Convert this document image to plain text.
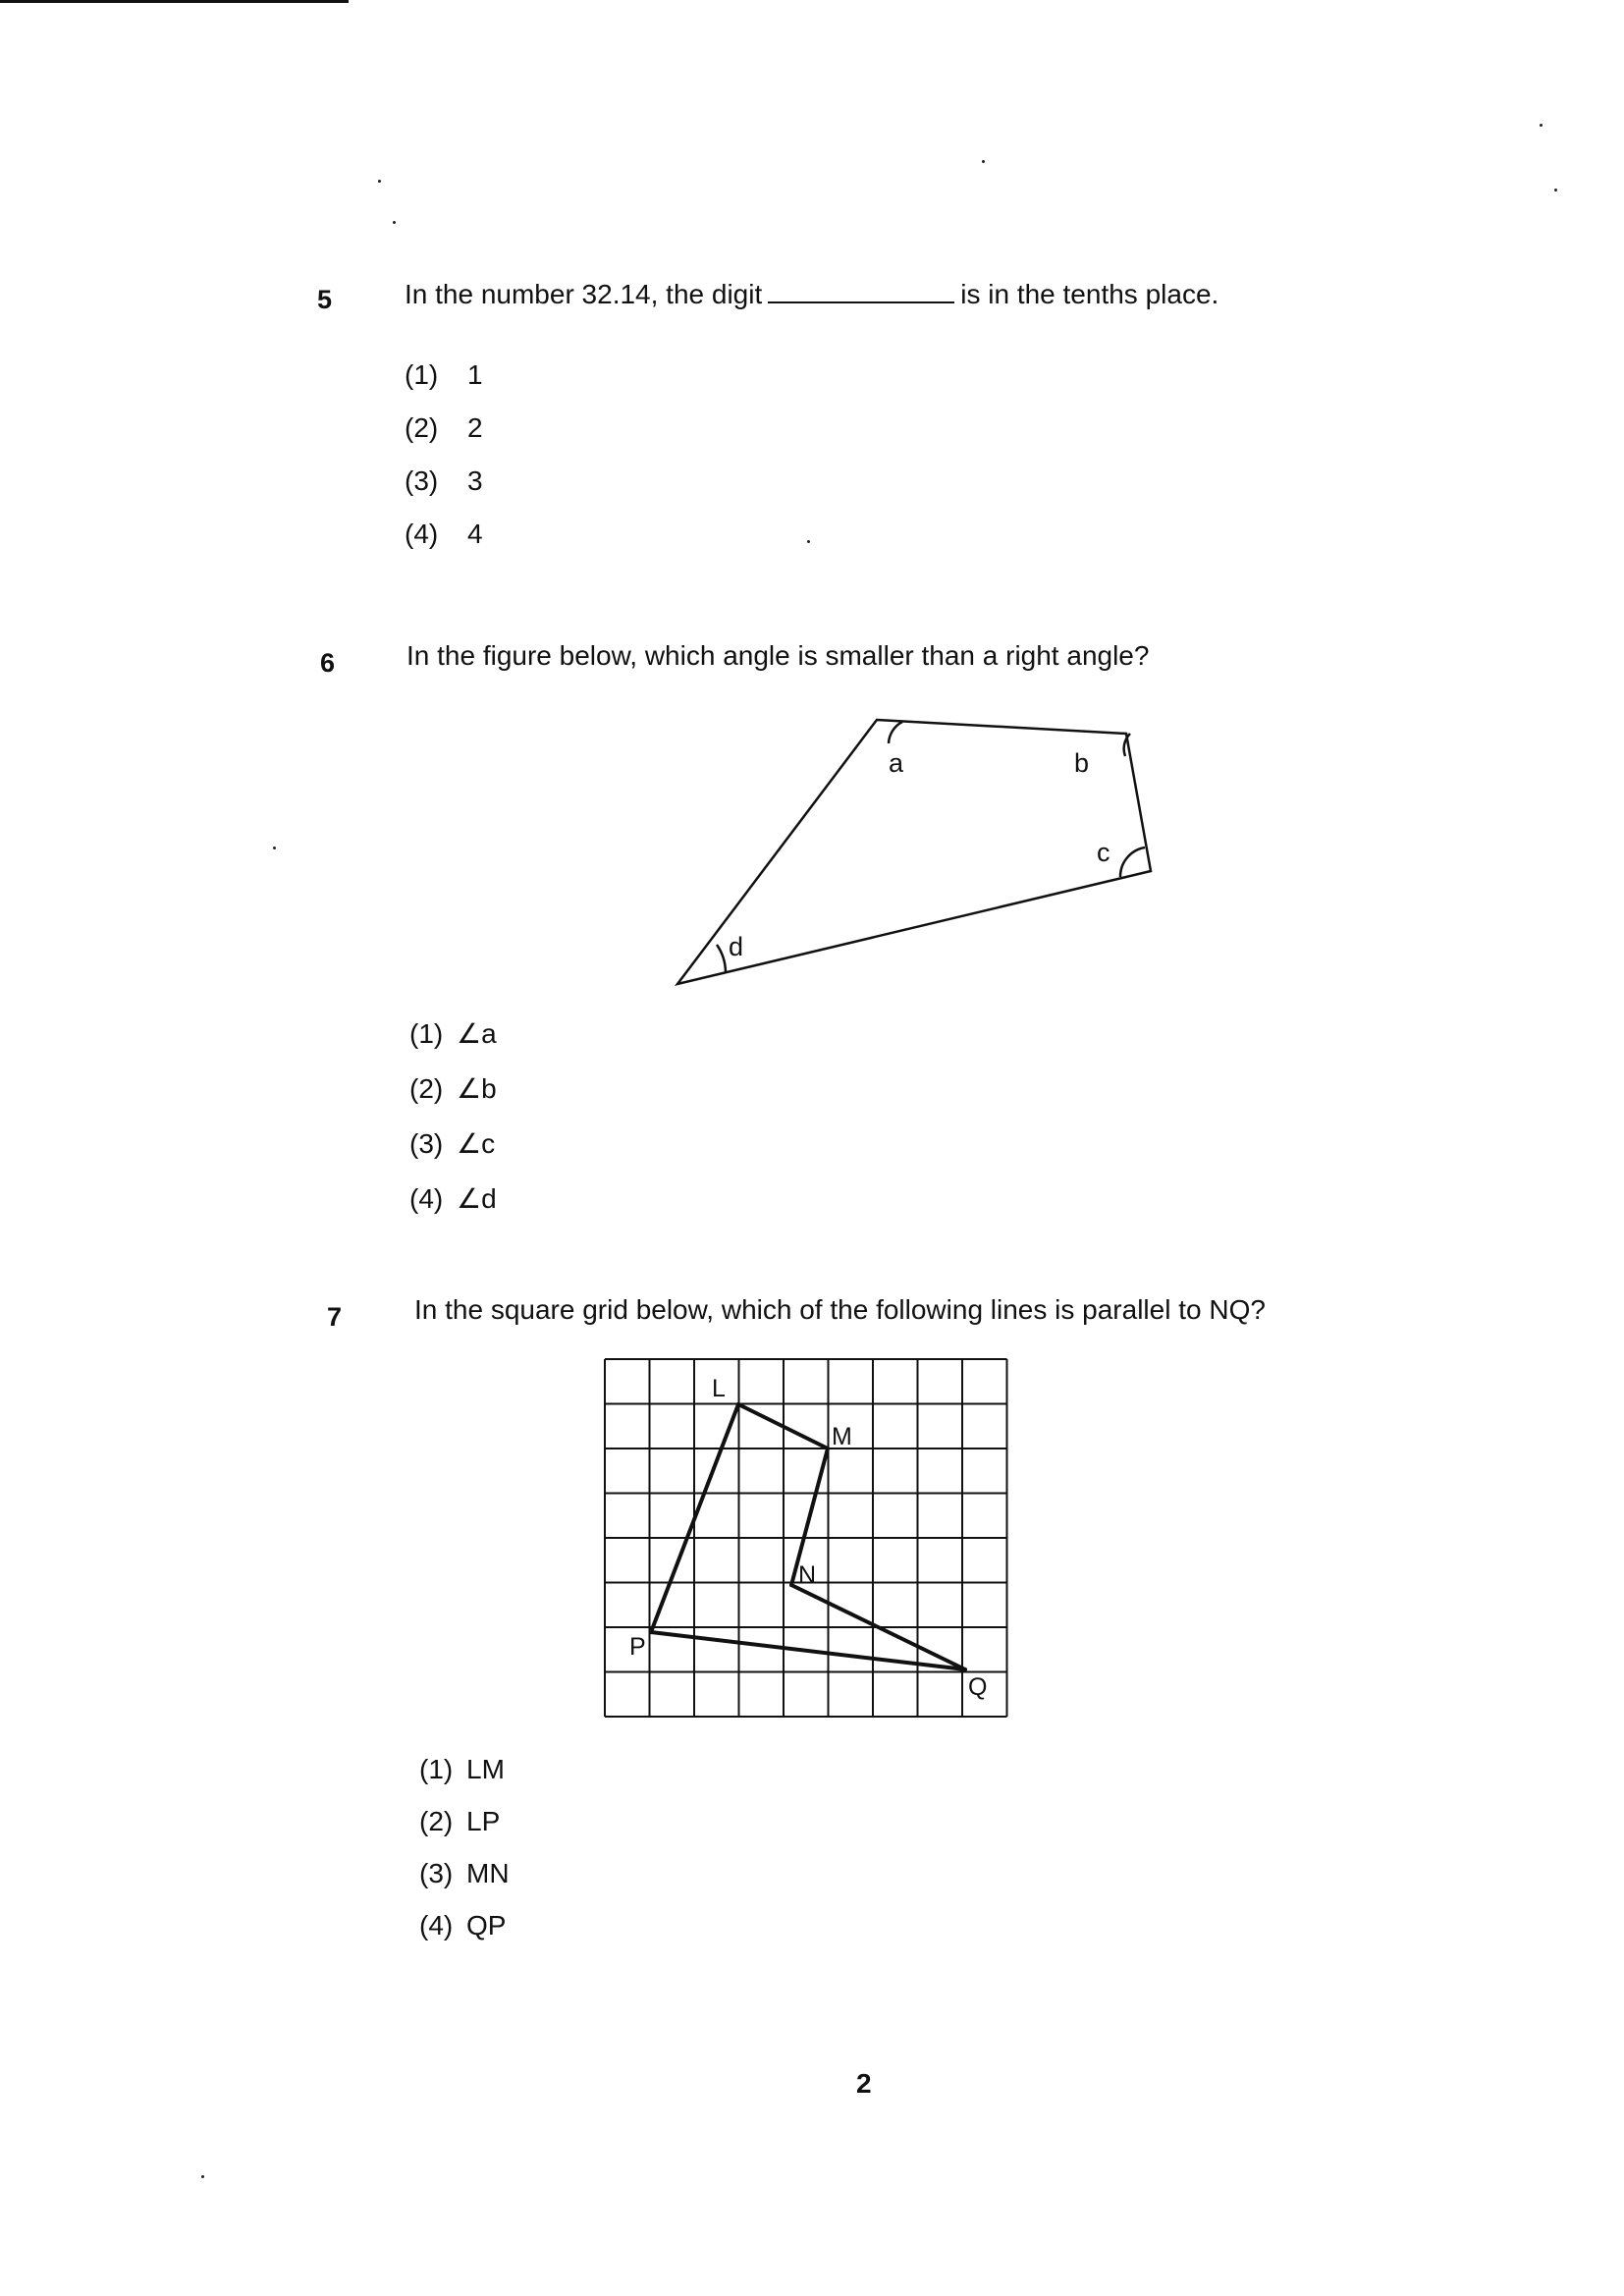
5	In the number 32.14, the digit	is in the tenths place.
(1) 1
(2) 2
(3) 3
(4) 4
6	In the figure below, which angle is smaller than a right angle?
a	b
c
d
(1) ∠a
(2) ∠b
(3) ∠c
(4) ∠d
7	In the square grid below, which of the following lines is parallel to NQ?
L
M
N
P
Q
(1) LM
(2) LP
(3) MN
(4) QP
2
